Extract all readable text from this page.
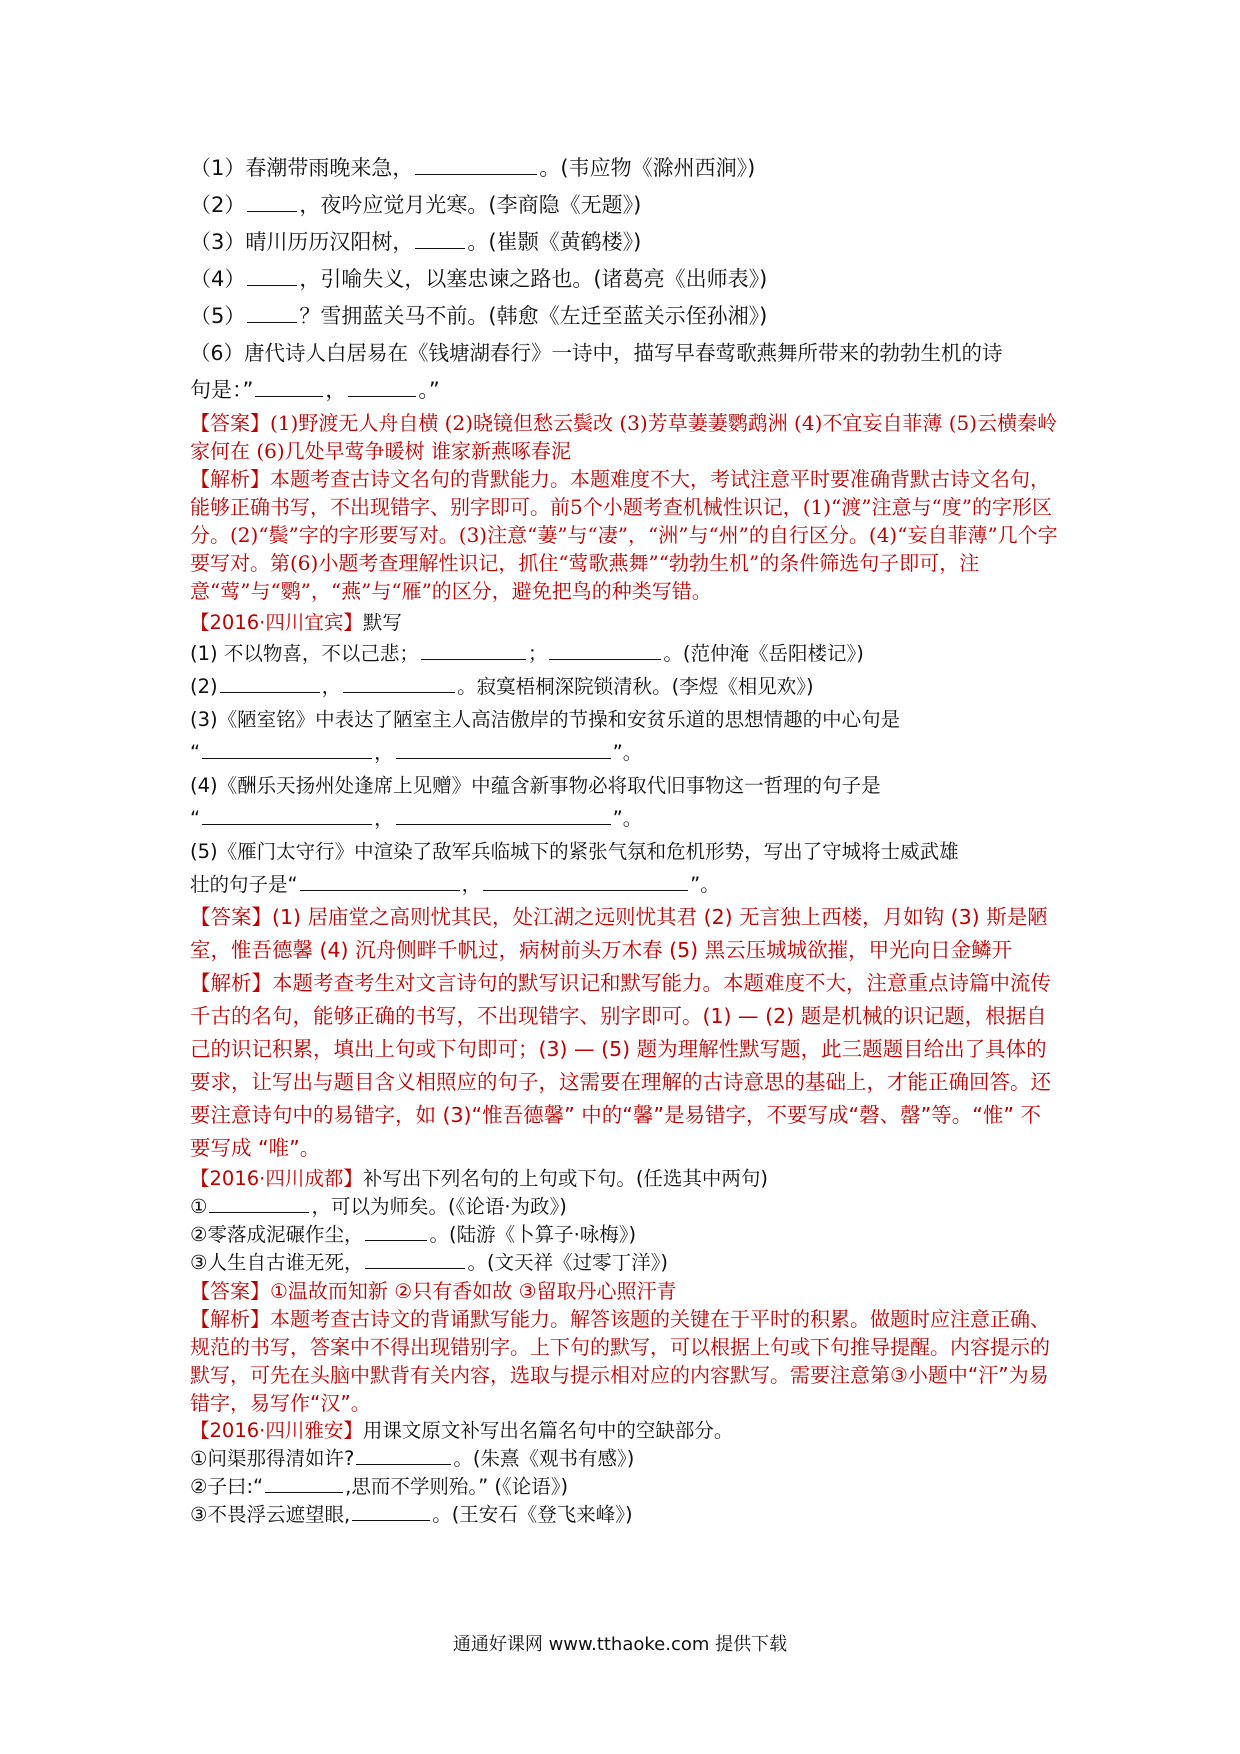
（1）春潮带雨晚来急，	。(韦应物《滁州西涧》)
（2）	，夜吟应觉月光寒。(李商隐《无题》)
（3）晴川历历汉阳树，	。(崔颢《黄鹤楼》)
（4）	，引喻失义，以塞忠谏之路也。(诸葛亮《出师表》)
（5）	？雪拥蓝关马不前。(韩愈《左迁至蓝关示侄孙湘》)
（6）唐代诗人白居易在《钱塘湖春行》一诗中，描写早春莺歌燕舞所带来的勃勃生机的诗
句是：”	，	。”
【答案】(1)野渡无人舟自横 (2)晓镜但愁云鬓改 (3)芳草萋萋鹦鹉洲 (4)不宜妄自菲薄 (5)云横秦岭家何在 (6)几处早莺争暖树 谁家新燕啄春泥
【解析】本题考查古诗文名句的背默能力。本题难度不大，考试注意平时要准确背默古诗文名句，能够正确书写，不出现错字、别字即可。前5个小题考查机械性识记，(1)“渡”注意与“度”的字形区分。(2)“鬓”字的字形要写对。(3)注意“萋”与“凄”，“洲”与“州”的自行区分。(4)“妄自菲薄”几个字要写对。第(6)小题考查理解性识记，抓住“莺歌燕舞”“勃勃生机”的条件筛选句子即可，注意“莺”与“鹦”，“燕”与“雁”的区分，避免把鸟的种类写错。
【2016·四川宜宾】默写
(1) 不以物喜，不以己悲；	；	。(范仲淹《岳阳楼记》)
(2)	，	。寂寞梧桐深院锁清秋。(李煜《相见欢》)
(3)《陋室铭》中表达了陋室主人高洁傲岸的节操和安贫乐道的思想情趣的中心句是
“	，	”。
(4)《酬乐天扬州处逢席上见赠》中蕴含新事物必将取代旧事物这一哲理的句子是
“	，	”。
(5)《雁门太守行》中渲染了敌军兵临城下的紧张气氛和危机形势，写出了守城将士威武雄
壮的句子是“	，	”。
【答案】(1) 居庙堂之高则忧其民，处江湖之远则忧其君 (2) 无言独上西楼，月如钩 (3) 斯是陋室，惟吾德馨 (4) 沉舟侧畔千帆过，病树前头万木春 (5) 黑云压城城欲摧，甲光向日金鳞开
【解析】本题考查考生对文言诗句的默写识记和默写能力。本题难度不大，注意重点诗篇中流传千古的名句，能够正确的书写，不出现错字、别字即可。(1) — (2) 题是机械的识记题，根据自己的识记积累，填出上句或下句即可；(3) — (5) 题为理解性默写题，此三题题目给出了具体的要求，让写出与题目含义相照应的句子，这需要在理解的古诗意思的基础上，才能正确回答。还要注意诗句中的易错字，如 (3)“惟吾德馨” 中的“馨”是易错字，不要写成“磬、罄”等。“惟” 不要写成 “唯”。
【2016·四川成都】补写出下列名句的上句或下句。(任选其中两句)
①	，可以为师矣。(《论语·为政》)
②零落成泥碾作尘，	。(陆游《卜算子·咏梅》)
③人生自古谁无死，	。(文天祥《过零丁洋》)
【答案】①温故而知新 ②只有香如故 ③留取丹心照汗青
【解析】本题考查古诗文的背诵默写能力。解答该题的关键在于平时的积累。做题时应注意正确、规范的书写，答案中不得出现错别字。上下句的默写，可以根据上句或下句推导提醒。内容提示的默写，可先在头脑中默背有关内容，选取与提示相对应的内容默写。需要注意第③小题中“汗”为易错字，易写作“汉”。
【2016·四川雅安】用课文原文补写出名篇名句中的空缺部分。
①问渠那得清如许?	。(朱熹《观书有感》)
②子曰:“	,思而不学则殆。” (《论语》)
③不畏浮云遮望眼,	。(王安石《登飞来峰》)
通通好课网 www.tthaoke.com 提供下载
